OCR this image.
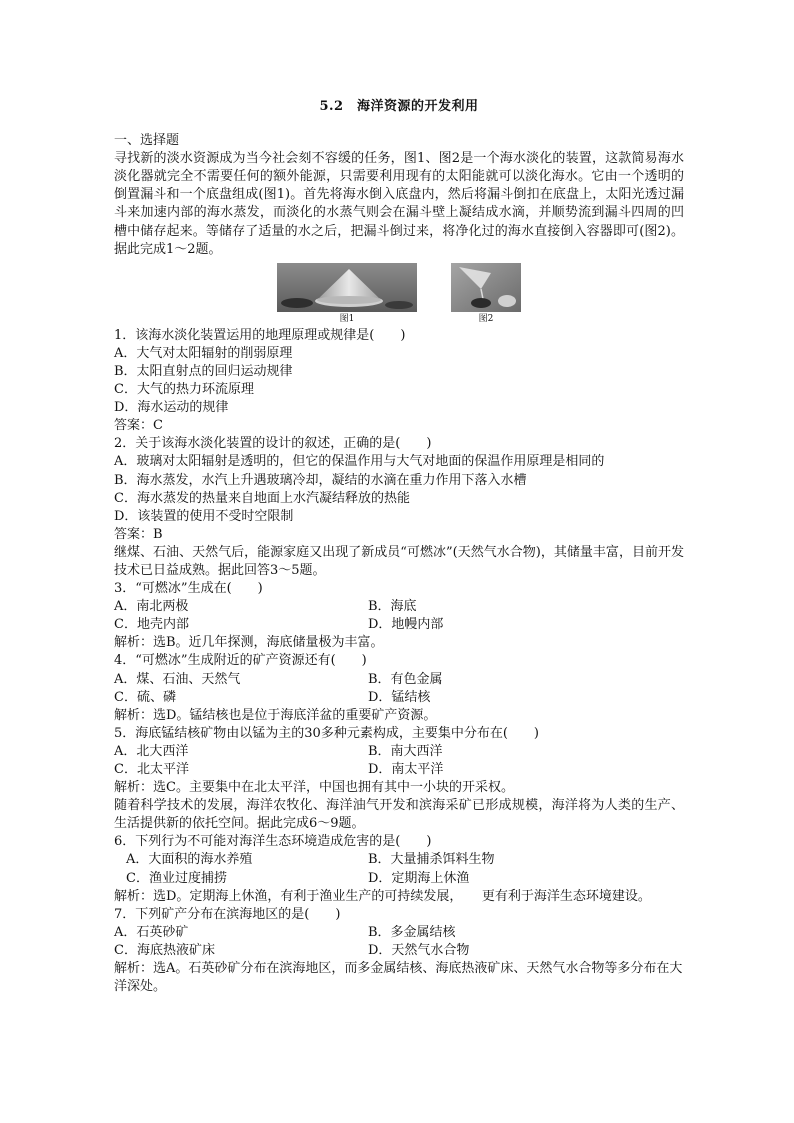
5.2　海洋资源的开发利用

一、选择题

寻找新的淡水资源成为当今社会刻不容缓的任务，图1、图2是一个海水淡化的装置，这款简易海水淡化器就完全不需要任何的额外能源，只需要利用现有的太阳能就可以淡化海水。它由一个透明的倒置漏斗和一个底盘组成(图1)。首先将海水倒入底盘内，然后将漏斗倒扣在底盘上，太阳光透过漏斗来加速内部的海水蒸发，而淡化的水蒸气则会在漏斗壁上凝结成水滴，并顺势流到漏斗四周的凹槽中储存起来。等储存了适量的水之后，把漏斗倒过来，将净化过的海水直接倒入容器即可(图2)。据此完成1～2题。

图1	图2

1．该海水淡化装置运用的地理原理或规律是(　　)

A．大气对太阳辐射的削弱原理

B．太阳直射点的回归运动规律

C．大气的热力环流原理

D．海水运动的规律

答案：C

2．关于该海水淡化装置的设计的叙述，正确的是(　　)

A．玻璃对太阳辐射是透明的，但它的保温作用与大气对地面的保温作用原理是相同的

B．海水蒸发，水汽上升遇玻璃冷却，凝结的水滴在重力作用下落入水槽

C．海水蒸发的热量来自地面上水汽凝结释放的热能

D．该装置的使用不受时空限制

答案：B

继煤、石油、天然气后，能源家庭又出现了新成员“可燃冰”(天然气水合物)，其储量丰富，目前开发技术已日益成熟。据此回答3～5题。

3．“可燃冰”生成在(　　)

A．南北两极	B．海底
C．地壳内部	D．地幔内部

解析：选B。近几年探测，海底储量极为丰富。

4．“可燃冰”生成附近的矿产资源还有(　　)

A．煤、石油、天然气	B．有色金属
C．硫、磷	D．锰结核

解析：选D。锰结核也是位于海底洋盆的重要矿产资源。

5．海底锰结核矿物由以锰为主的30多种元素构成，主要集中分布在(　　)

A．北大西洋	B．南大西洋
C．北太平洋	D．南太平洋

解析：选C。主要集中在北太平洋，中国也拥有其中一小块的开采权。

随着科学技术的发展，海洋农牧化、海洋油气开发和滨海采矿已形成规模，海洋将为人类的生产、生活提供新的依托空间。据此完成6～9题。

6．下列行为不可能对海洋生态环境造成危害的是(　　)

A．大面积的海水养殖	B．大量捕杀饵料生物
C．渔业过度捕捞	D．定期海上休渔

解析：选D。定期海上休渔，有利于渔业生产的可持续发展，　　更有利于海洋生态环境建设。

7．下列矿产分布在滨海地区的是(　　)

A．石英砂矿	B．多金属结核
C．海底热液矿床	D．天然气水合物

解析：选A。石英砂矿分布在滨海地区，而多金属结核、海底热液矿床、天然气水合物等多分布在大洋深处。
